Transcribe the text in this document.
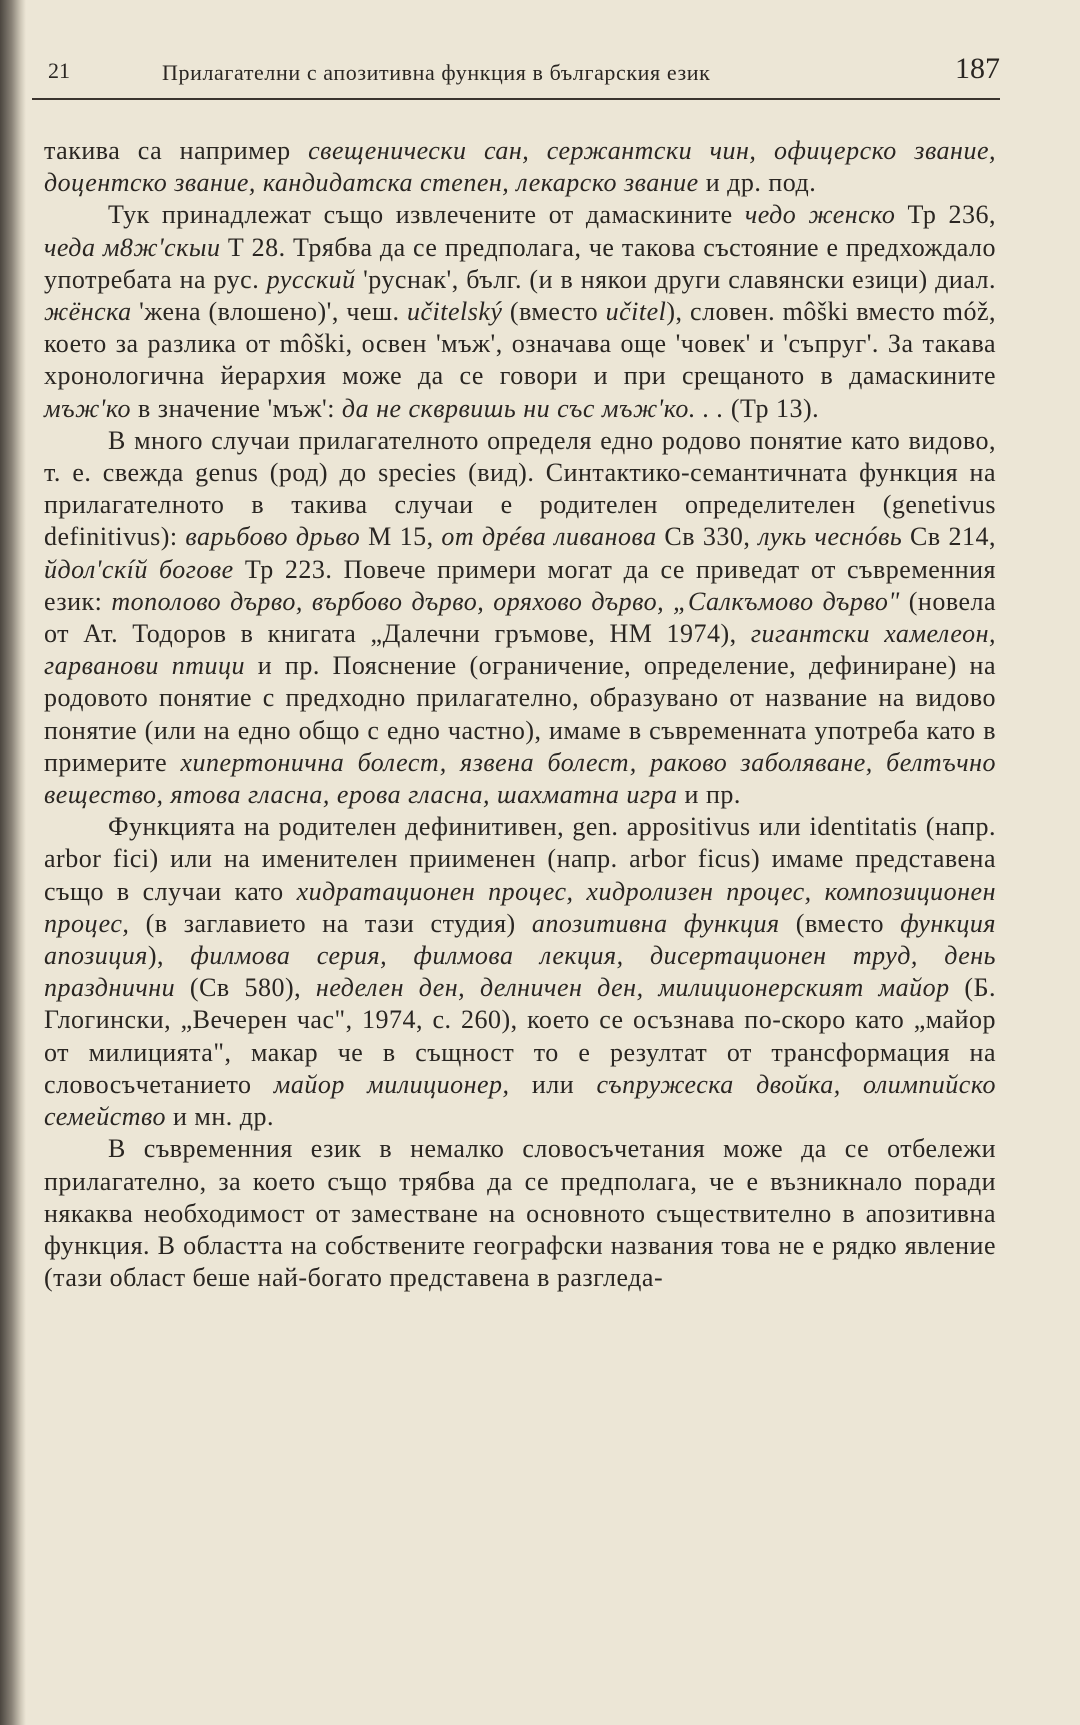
21	Прилагателни с апозитивна функция в българския език	187

такива са например свещенически сан, сержантски чин, офицерско звание, доцентско звание, кандидатска степен, лекарско звание и др. под.

Тук принадлежат също извлечените от дамаскините чедо женско Тр 236, чеда м8ж'скыи Т 28. Трябва да се предполага, че такова състояние е предхождало употребата на рус. русский 'руснак', бълг. (и в някои други славянски езици) диал. жёнска 'жена (влошено)', чеш. učitelský (вместо učitel), словен. môški вместо móž, което за разлика от môški, освен 'мъж', означава още 'човек' и 'съпруг'. За такава хронологична йерархия може да се говори и при срещаното в дамаскините мъж'ко в значение 'мъж': да не скврвишь ни със мъж'ко. . . (Тр 13).

В много случаи прилагателното определя едно родово понятие като видово, т. е. свежда genus (род) до species (вид). Синтактико-семантичната функция на прилагателното в такива случаи е родителен определителен (genetivus definitivus): варьбово дрьво М 15, от дрéва ливанова Св 330, лукь чеснóвь Св 214, йдол'скíй богове Тр 223. Повече примери могат да се приведат от съвременния език: тополово дърво, върбово дърво, оряхово дърво, „Салкъмово дърво" (новела от Ат. Тодоров в книгата „Далечни гръмове, НМ 1974), гигантски хамелеон, гарванови птици и пр. Пояснение (ограничение, определение, дефиниране) на родовото понятие с предходно прилагателно, образувано от название на видово понятие (или на едно общо с едно частно), имаме в съвременната употреба като в примерите хипертонична болест, язвена болест, раково заболяване, белтъчно вещество, ятова гласна, ерова гласна, шахматна игра и пр.

Функцията на родителен дефинитивен, gen. appositivus или identitatis (напр. arbor fici) или на именителен приименен (напр. arbor ficus) имаме представена също в случаи като хидратационен процес, хидролизен процес, композиционен процес, (в заглавието на тази студия) апозитивна функция (вместо функция апозиция), филмова серия, филмова лекция, дисертационен труд, день празднични (Св 580), неделен ден, делничен ден, милиционерският майор (Б. Глогински, „Вечерен час", 1974, с. 260), което се осъзнава по-скоро като „майор от милицията", макар че в същност то е резултат от трансформация на словосъчетанието майор милиционер, или съпружеска двойка, олимпийско семейство и мн. др.

В съвременния език в немалко словосъчетания може да се отбележи прилагателно, за което също трябва да се предполага, че е възникнало поради някаква необходимост от заместване на основното съществително в апозитивна функция. В областта на собствените географски названия това не е рядко явление (тази област беше най-богато представена в разгледа-
